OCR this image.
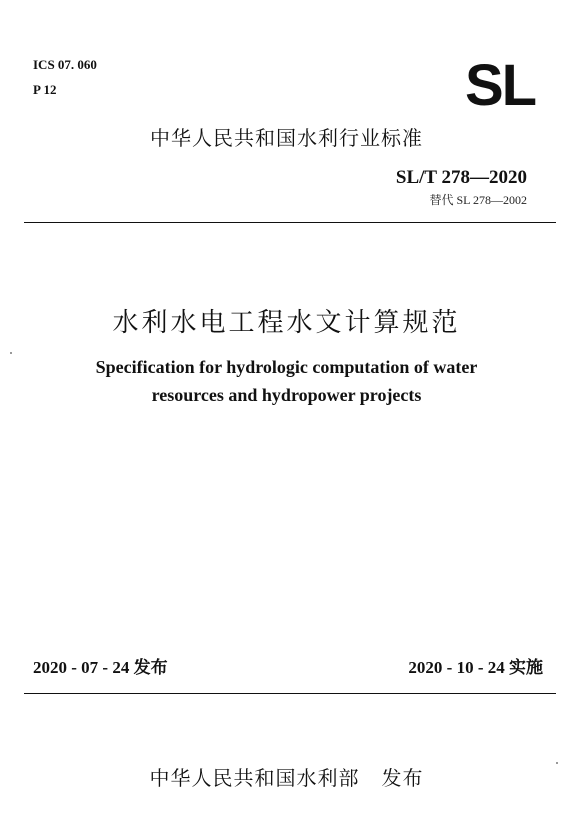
ICS 07. 060
P 12	SL
中华人民共和国水利行业标准
SL/T 278—2020
替代 SL 278—2002
水利水电工程水文计算规范
Specification for hydrologic computation of water
resources and hydropower projects
2020 - 07 - 24 发布	2020 - 10 - 24 实施
中华人民共和国水利部 发布
